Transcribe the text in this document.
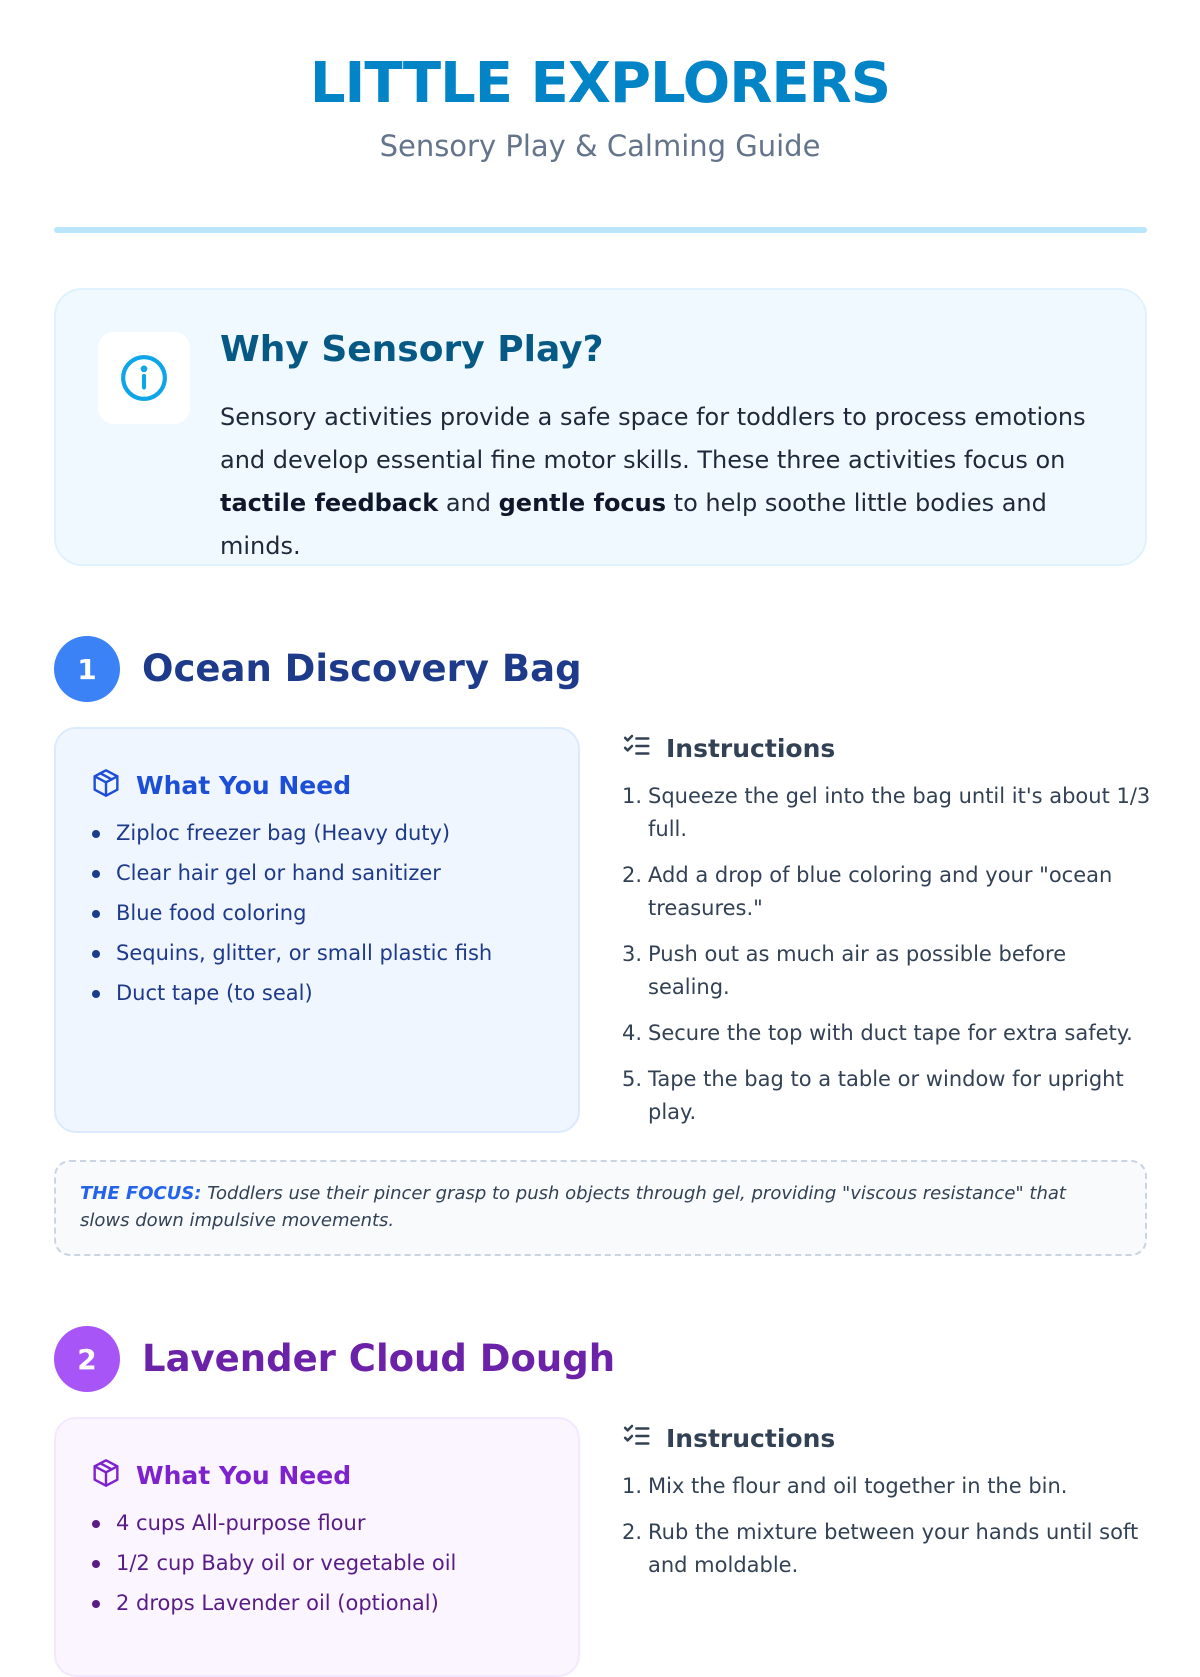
LITTLE EXPLORERS
Sensory Play & Calming Guide
Why Sensory Play?
Sensory activities provide a safe space for toddlers to process emotions and develop essential fine motor skills. These three activities focus on tactile feedback and gentle focus to help soothe little bodies and minds.
1	Ocean Discovery Bag
What You Need
Ziploc freezer bag (Heavy duty)
Clear hair gel or hand sanitizer
Blue food coloring
Sequins, glitter, or small plastic fish
Duct tape (to seal)
Instructions
1. Squeeze the gel into the bag until it's about 1/3 full.
2. Add a drop of blue coloring and your "ocean treasures."
3. Push out as much air as possible before sealing.
4. Secure the top with duct tape for extra safety.
5. Tape the bag to a table or window for upright play.
THE FOCUS: Toddlers use their pincer grasp to push objects through gel, providing "viscous resistance" that slows down impulsive movements.
2	Lavender Cloud Dough
What You Need
4 cups All-purpose flour
1/2 cup Baby oil or vegetable oil
2 drops Lavender oil (optional)
Instructions
1. Mix the flour and oil together in the bin.
2. Rub the mixture between your hands until soft and moldable.
